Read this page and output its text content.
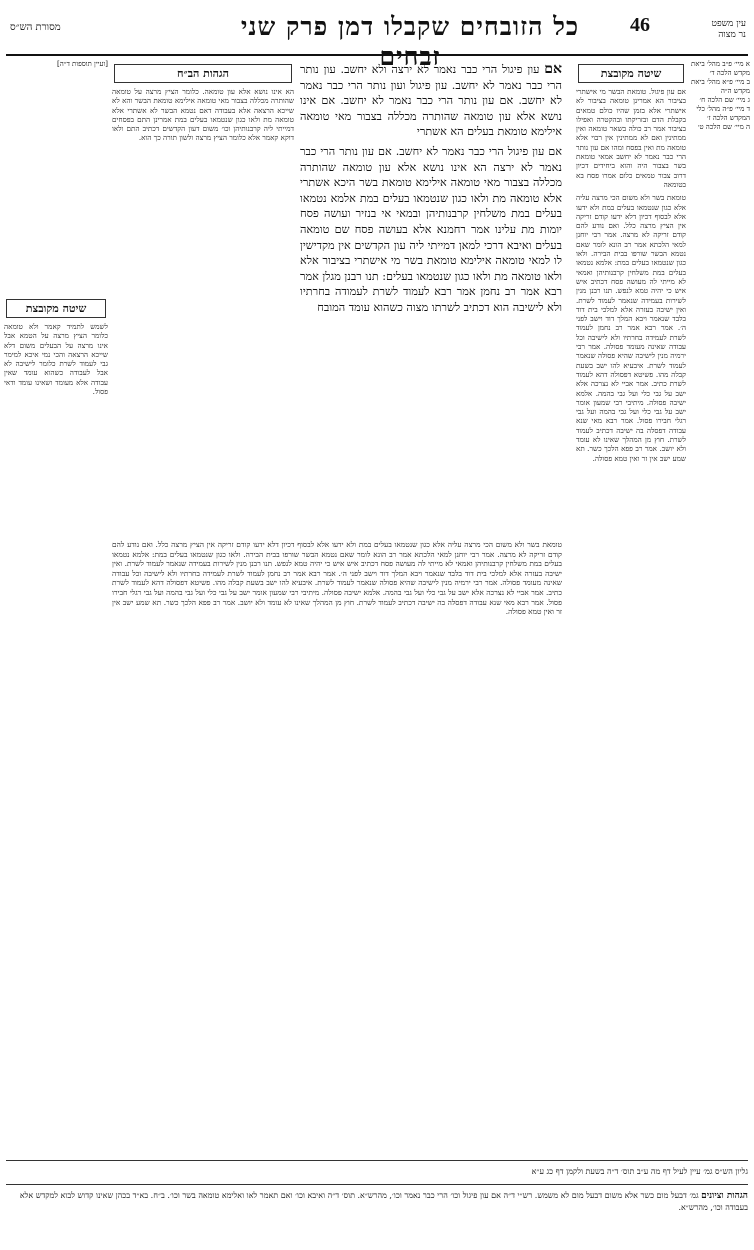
46
כל הזובחים שקבלו דמן פרק שני זבחים
עין משפט
נר מצוה
מסורת הש״ס
א מיי׳ פ״ב מהל׳ ביאת מקדש הלכה ד׳
ב מיי׳ פ״א מהל׳ ביאת מקדש ה״ה
ג מיי׳ שם הלכה ח׳
ד מיי׳ פ״ה מהל׳ כלי המקדש הלכה ז׳
ה מיי׳ שם הלכה ט׳
שיטה מקובצת
אם עון פיגול. טומאת הבשר מי אישתרי בציבור הא אמרינן טומאה בציבור לא אישתרי אלא בזמן שהיו כולם טמאים בקבלת הדם ובזריקתו ובהקטרה ואפילו בציבור אמר רב כולה בשאר טומאה ואין ממתינין ואם לא ממתינין אין רבוי אלא טומאה מת ואין בפסח ומהו אם עון נותר הרי כבר נאמר לא יחשב אמאי טומאת בשר בצבור היה והוא ביחידים דכיון דרוב צבור טמאים כלום אמרו פסח בא בטומאה
טומאת בשר ולא משום הכי מרצה עליה אלא כגון שנטמאו בעלים במת ולא ידעו אלא לבסוף דכיון דלא ידעו קודם זריקה אין הציץ מרצה כלל. ואם נודע להם קודם זריקה לא מרצה. אמר רבי יוחנן למאי הלכתא אמר רב הונא לומר שאם נטמא הבשר שורפו בבית הבירה. ולאו כגון שנטמאו בעלים במת: אלמא נטמאו בעלים במת משלחין קרבנותיהן ואמאי לא מייתי לה מעושה פסח דכתיב איש איש כי יהיה טמא לנפש. תנו רבנן מנין לשירות בעמידה שנאמר לעמוד לשרת. ואין ישיבה בעזרה אלא למלכי בית דוד בלבד שנאמר ויבא המלך דוד וישב לפני ה׳. אמר רבא אמר רב נחמן לעמוד לשרת לעמידה בחרתיו ולא לישיבה וכל עבודה שאינה מעומד פסולה. אמר רבי ירמיה מנין לישיבה שהיא פסולה שנאמר לעמוד לשרת. איבעיא להו ישב בשעת קבלה מהו. פשיטא דפסולה דהא לעמוד לשרת כתיב. אמר אביי לא נצרכה אלא ישב על גבי כלי ועל גבי בהמה. אלמא ישיבה פסולה. מיתיבי רבי שמעון אומר ישב על גבי כלי ועל גבי בהמה ועל גבי רגלי חבירו פסול. אמר רבא מאי שנא עבודה דפסלה בה ישיבה דכתיב לעמוד לשרת. חוץ מן המהלך שאינו לא עומד ולא יושב. אמר רב פפא הלכך כשר. תא שמע ישב אין זר ואין טמא פסולה.
אם עון פיגול הרי כבר נאמר לא ירצה ולא יחשב. עון נותר הרי כבר נאמר לא יחשב. עון פיגול ועון נותר הרי כבר נאמר לא יחשב. אם עון נותר הרי כבר נאמר לא יחשב. אם אינו נושא אלא עון טומאה שהותרה מכללה בצבור מאי טומאה אילימא טומאת בעלים הא אשתרי
אם עון פיגול הרי כבר נאמר לא יחשב. אם עון נותר הרי כבר נאמר לא ירצה הא אינו נושא אלא עון טומאה שהותרה מכללה בצבור מאי טומאה אילימא טומאת בשר היכא אשתרי אלא טומאה מת ולאו כגון שנטמאו בעלים במת אלמא נטמאו בעלים במת משלחין קרבנותיהן ובמאי אי בנזיר ועושה פסח יומות מת עלינו אמר רחמנא אלא בעושה פסח שם טומאה בעלים ואיבא דרכי למאן דמייתי ליה עון הקדשים אין מקדישין לו למאי טומאה אילימא טומאת בשר מי אישתרי בציבור אלא ולאו טומאה מת ולאו כגון שנטמאו בעלים: תנו רבנן מגלן אמר רבא אמר רב נחמן אמר רבא לעמוד לשרת לעמודה בחרתיו ולא לישיבה הוא דכתיב לשרתו מצוה כשהוא עומד המובח
הגהות הב״ח
הא אינו נושא אלא עון טומאה. כלומר הציץ מרצה על טומאה שהותרה מכללה בצבור מאי טומאה אילימא טומאת הבשר והא לא שייכא הרצאה אלא בעבודה דאם נטמא הבשר לא אשתרי אלא טומאה מת ולאו כגון שנטמאו בעלים במת אמרינן התם בפסחים דמייתי ליה קרבנותיהן וכו׳ משום דעון הקדשים דכתיב התם ולאו דוקא קאמר אלא כלומר הציץ מרצה ולשון תורה כך הוא.
[ועיין תוספות ד״ה]
שיטה מקובצת
לשמש לתמיד קאמר ולא טומאה כלומר הציץ מרצה על הטמא אבל אינו מרצה על הבעלים משום דלא שייכא הרצאה והכי נמי איכא למימר גבי לעמוד לשרת כלומר לישיבה לא אבל לעבודה כשהוא עומד שאין עבודה אלא מעומד ושאינו עומד ודאי פסול.
טומאת בשר ולא משום הכי מרצה עליה אלא כגון שנטמאו בעלים במת ולא ידעו אלא לבסוף דכיון דלא ידעו קודם זריקה אין הציץ מרצה כלל. ואם נודע להם קודם זריקה לא מרצה. אמר רבי יוחנן למאי הלכתא אמר רב הונא לומר שאם נטמא הבשר שורפו בבית הבירה. ולאו כגון שנטמאו בעלים במת: אלמא נטמאו בעלים במת משלחין קרבנותיהן ואמאי לא מייתי לה מעושה פסח דכתיב איש איש כי יהיה טמא לנפש. תנו רבנן מנין לשירות בעמידה שנאמר לעמוד לשרת. ואין ישיבה בעזרה אלא למלכי בית דוד בלבד שנאמר ויבא המלך דוד וישב לפני ה׳. אמר רבא אמר רב נחמן לעמוד לשרת לעמידה בחרתיו ולא לישיבה וכל עבודה שאינה מעומד פסולה. אמר רבי ירמיה מנין לישיבה שהיא פסולה שנאמר לעמוד לשרת. איבעיא להו ישב בשעת קבלה מהו. פשיטא דפסולה דהא לעמוד לשרת כתיב. אמר אביי לא נצרכה אלא ישב על גבי כלי ועל גבי בהמה. אלמא ישיבה פסולה. מיתיבי רבי שמעון אומר ישב על גבי כלי ועל גבי בהמה ועל גבי רגלי חבירו פסול. אמר רבא מאי שנא עבודה דפסלה בה ישיבה דכתיב לעמוד לשרת. חוץ מן המהלך שאינו לא עומד ולא יושב. אמר רב פפא הלכך כשר. תא שמע ישב אין זר ואין טמא פסולה.
גליון הש״ס גמ׳ עיין לעיל דף מה ע״ב תוס׳ ד״ה בשעת ולקמן דף כג ע״א
הגהות וציונים גמ׳ דבעל מום כשר אלא משום דבעל מום לא משמש. רש״י ד״ה אם עון פיגול וכו׳ הרי כבר נאמר וכו׳, מהרש״א. תוס׳ ד״ה ואיבא וכו׳ ואם תאמר לאו ואלימא טומאה בשר וכו׳. ב״ח. בא״ד בכהן שאינו קדוש לבוא למקדש אלא בעבודה וכו׳, מהרש״א.
